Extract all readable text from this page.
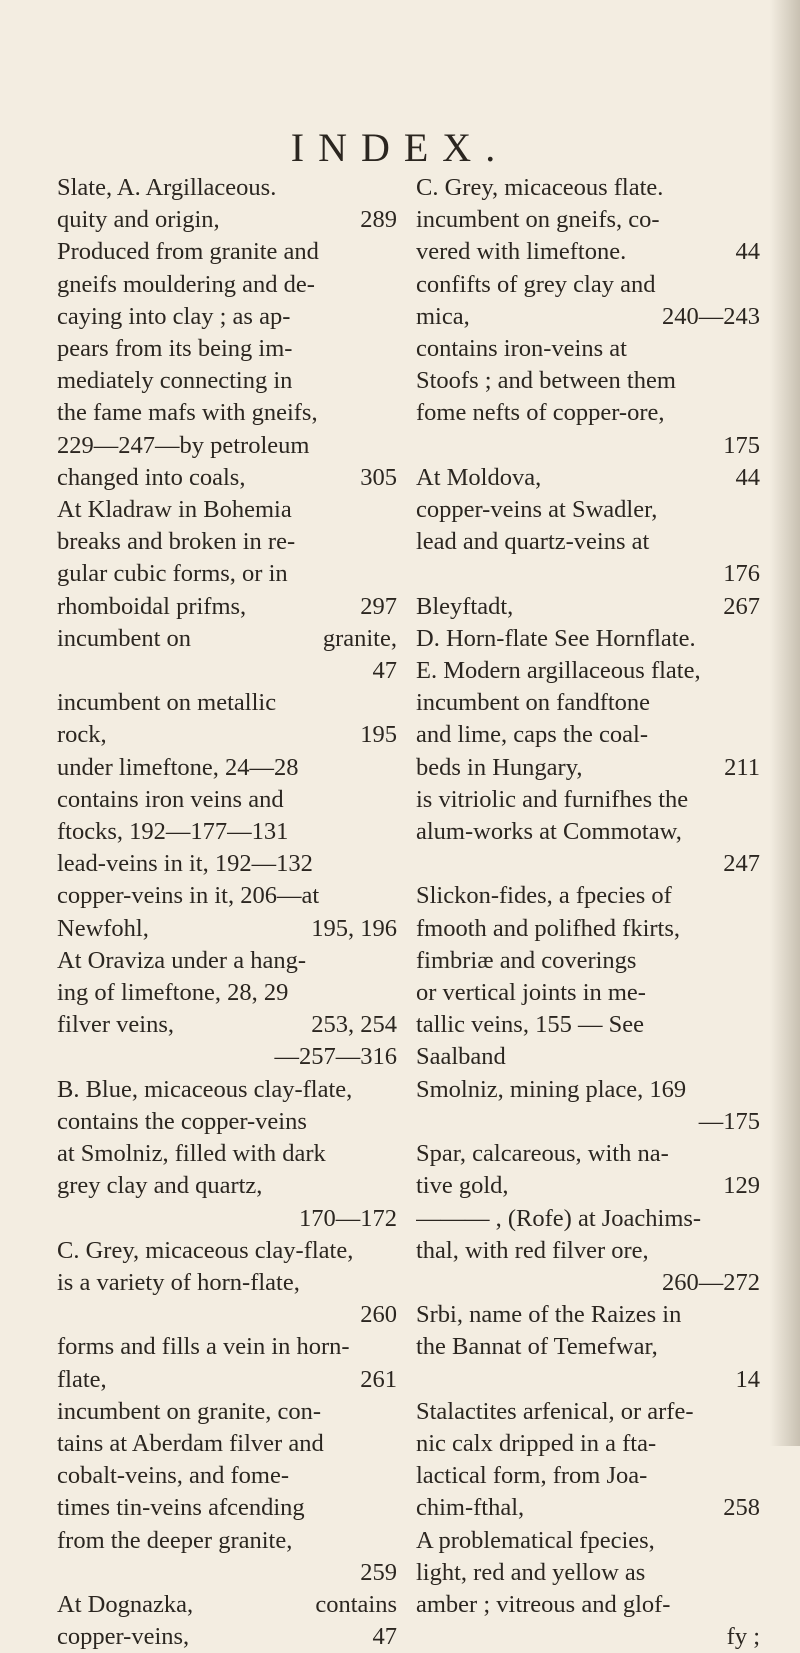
INDEX.
Slate, A. Argillaceous.
quity and origin,	289
Produced from granite and
gneifs mouldering and de-
caying into clay ; as ap-
pears from its being im-
mediately connecting in
the fame mafs with gneifs,
229—247—by petroleum
changed into coals,	305
At Kladraw in Bohemia
breaks and broken in re-
gular cubic forms, or in
rhomboidal prifms,	297
incumbent on	granite,
47
incumbent on metallic
rock,	195
under limeftone, 24—28
contains iron veins and
ftocks, 192—177—131
lead-veins in it, 192—132
copper-veins in it, 206—at
Newfohl,	195, 196
At Oraviza under a hang-
ing of limeftone, 28, 29
filver veins,	253, 254
—257—316
B. Blue, micaceous clay-flate,
contains the copper-veins
at Smolniz, filled with dark
grey clay and quartz,
170—172
C. Grey, micaceous clay-flate,
is a variety of horn-flate,
260
forms and fills a vein in horn-
flate,	261
incumbent on granite, con-
tains at Aberdam filver and
cobalt-veins, and fome-
times tin-veins afcending
from the deeper granite,
259
At Dognazka,	contains
copper-veins,	47
C. Grey, micaceous flate.
incumbent on gneifs, co-
vered with limeftone.	44
confifts of grey clay and
mica,	240—243
contains iron-veins at
Stoofs ; and between them
fome nefts of copper-ore,
175
At Moldova,	44
copper-veins at Swadler,
lead and quartz-veins at
176
Bleyftadt,	267
D. Horn-flate See Hornflate.
E. Modern argillaceous flate,
incumbent on fandftone
and lime, caps the coal-
beds in Hungary,	211
is vitriolic and furnifhes the
alum-works at Commotaw,
247
Slickon-fides, a fpecies of
fmooth and polifhed fkirts,
fimbriæ and coverings
or vertical joints in me-
tallic veins, 155 — See
Saalband
Smolniz, mining place, 169
—175
Spar, calcareous, with na-
tive gold,	129
——— , (Rofe) at Joachims-
thal, with red filver ore,
260—272
Srbi, name of the Raizes in
the Bannat of Temefwar,
14
Stalactites arfenical, or arfe-
nic calx dripped in a fta-
lactical form, from Joa-
chim-fthal,	258
A problematical fpecies,
light, red and yellow as
amber ; vitreous and glof-
fy ;
